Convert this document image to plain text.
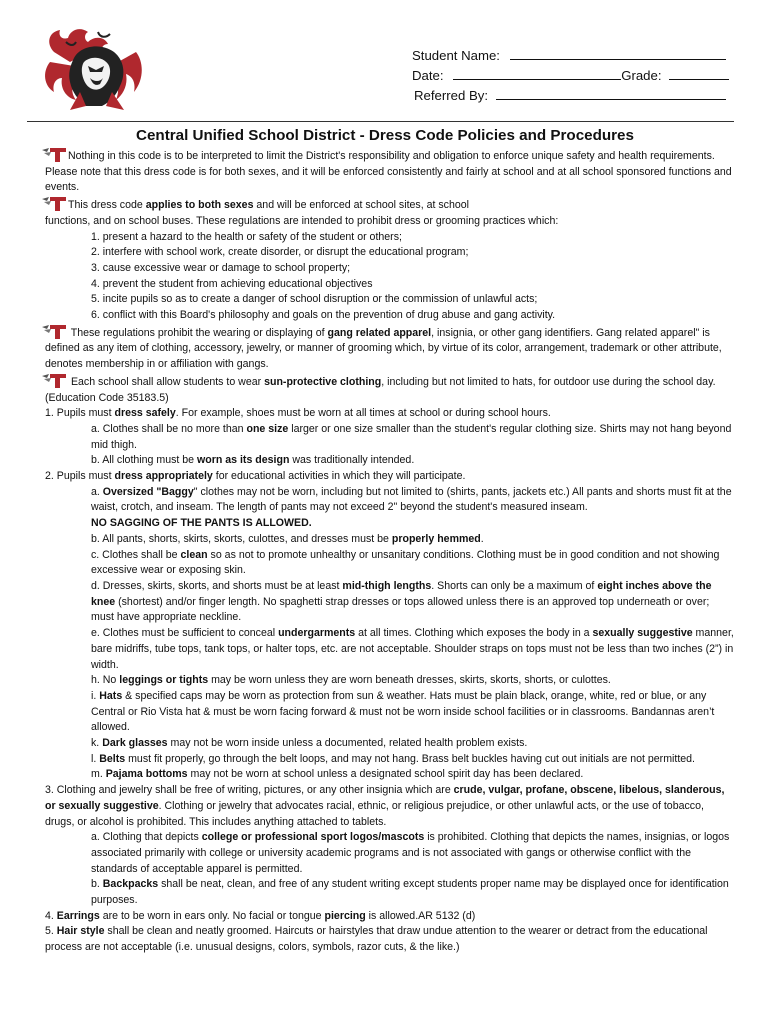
Student Name:
Date:	Grade:
Referred By:
Central Unified School District - Dress Code Policies and Procedures

Nothing in this code is to be interpreted to limit the District's responsibility and obligation to enforce unique safety and health requirements. Please note that this dress code is for both sexes, and it will be enforced consistently and fairly at school and at all school sponsored functions and events.

This dress code applies to both sexes and will be enforced at school sites, at school

functions, and on school buses. These regulations are intended to prohibit dress or grooming practices which:

1. present a hazard to the health or safety of the student or others;

2. interfere with school work, create disorder, or disrupt the educational program;

3. cause excessive wear or damage to school property;

4. prevent the student from achieving educational objectives

5. incite pupils so as to create a danger of school disruption or the commission of unlawful acts;

6. conflict with this Board's philosophy and goals on the prevention of drug abuse and gang activity.

These regulations prohibit the wearing or displaying of gang related apparel, insignia, or other gang identifiers. Gang related apparel" is defined as any item of clothing, accessory, jewelry, or manner of grooming which, by virtue of its color, arrangement, trademark or other attribute, denotes membership in or affiliation with gangs.

Each school shall allow students to wear sun-protective clothing, including but not limited to hats, for outdoor use during the school day. (Education Code 35183.5)

1. Pupils must dress safely. For example, shoes must be worn at all times at school or during school hours.

a. Clothes shall be no more than one size larger or one size smaller than the student's regular clothing size. Shirts may not hang beyond mid thigh.

b. All clothing must be worn as its design was traditionally intended.

2. Pupils must dress appropriately for educational activities in which they will participate.

a. Oversized "Baggy" clothes may not be worn, including but not limited to (shirts, pants, jackets etc.) All pants and shorts must fit at the waist, crotch, and inseam. The length of pants may not exceed 2" beyond the student's measured inseam.

NO SAGGING OF THE PANTS IS ALLOWED.

b. All pants, shorts, skirts, skorts, culottes, and dresses must be properly hemmed.

c. Clothes shall be clean so as not to promote unhealthy or unsanitary conditions. Clothing must be in good condition and not showing excessive wear or exposing skin.

d. Dresses, skirts, skorts, and shorts must be at least mid-thigh lengths. Shorts can only be a maximum of eight inches above the knee (shortest) and/or finger length. No spaghetti strap dresses or tops allowed unless there is an approved top underneath or over; must have appropriate neckline.

e. Clothes must be sufficient to conceal undergarments at all times. Clothing which exposes the body in a sexually suggestive manner, bare midriffs, tube tops, tank tops, or halter tops, etc. are not acceptable. Shoulder straps on tops must not be less than two inches (2”) in width.

h. No leggings or tights may be worn unless they are worn beneath dresses, skirts, skorts, shorts, or culottes.

i. Hats & specified caps may be worn as protection from sun & weather. Hats must be plain black, orange, white, red or blue, or any Central or Rio Vista hat & must be worn facing forward & must not be worn inside school facilities or in classrooms. Bandannas aren’t allowed.

k. Dark glasses may not be worn inside unless a documented, related health problem exists.

l. Belts must fit properly, go through the belt loops, and may not hang. Brass belt buckles having cut out initials are not permitted.

m. Pajama bottoms may not be worn at school unless a designated school spirit day has been declared.

3. Clothing and jewelry shall be free of writing, pictures, or any other insignia which are crude, vulgar, profane, obscene, libelous, slanderous, or sexually suggestive. Clothing or jewelry that advocates racial, ethnic, or religious prejudice, or other unlawful acts, or the use of tobacco, drugs, or alcohol is prohibited. This includes anything attached to tablets.

a. Clothing that depicts college or professional sport logos/mascots is prohibited. Clothing that depicts the names, insignias, or logos associated primarily with college or university academic programs and is not associated with gangs or otherwise conflict with the standards of acceptable apparel is permitted.

b. Backpacks shall be neat, clean, and free of any student writing except students proper name may be displayed once for identification purposes.

4. Earrings are to be worn in ears only. No facial or tongue piercing is allowed.AR 5132 (d)

5. Hair style shall be clean and neatly groomed. Haircuts or hairstyles that draw undue attention to the wearer or detract from the educational process are not acceptable (i.e. unusual designs, colors, symbols, razor cuts, & the like.)
